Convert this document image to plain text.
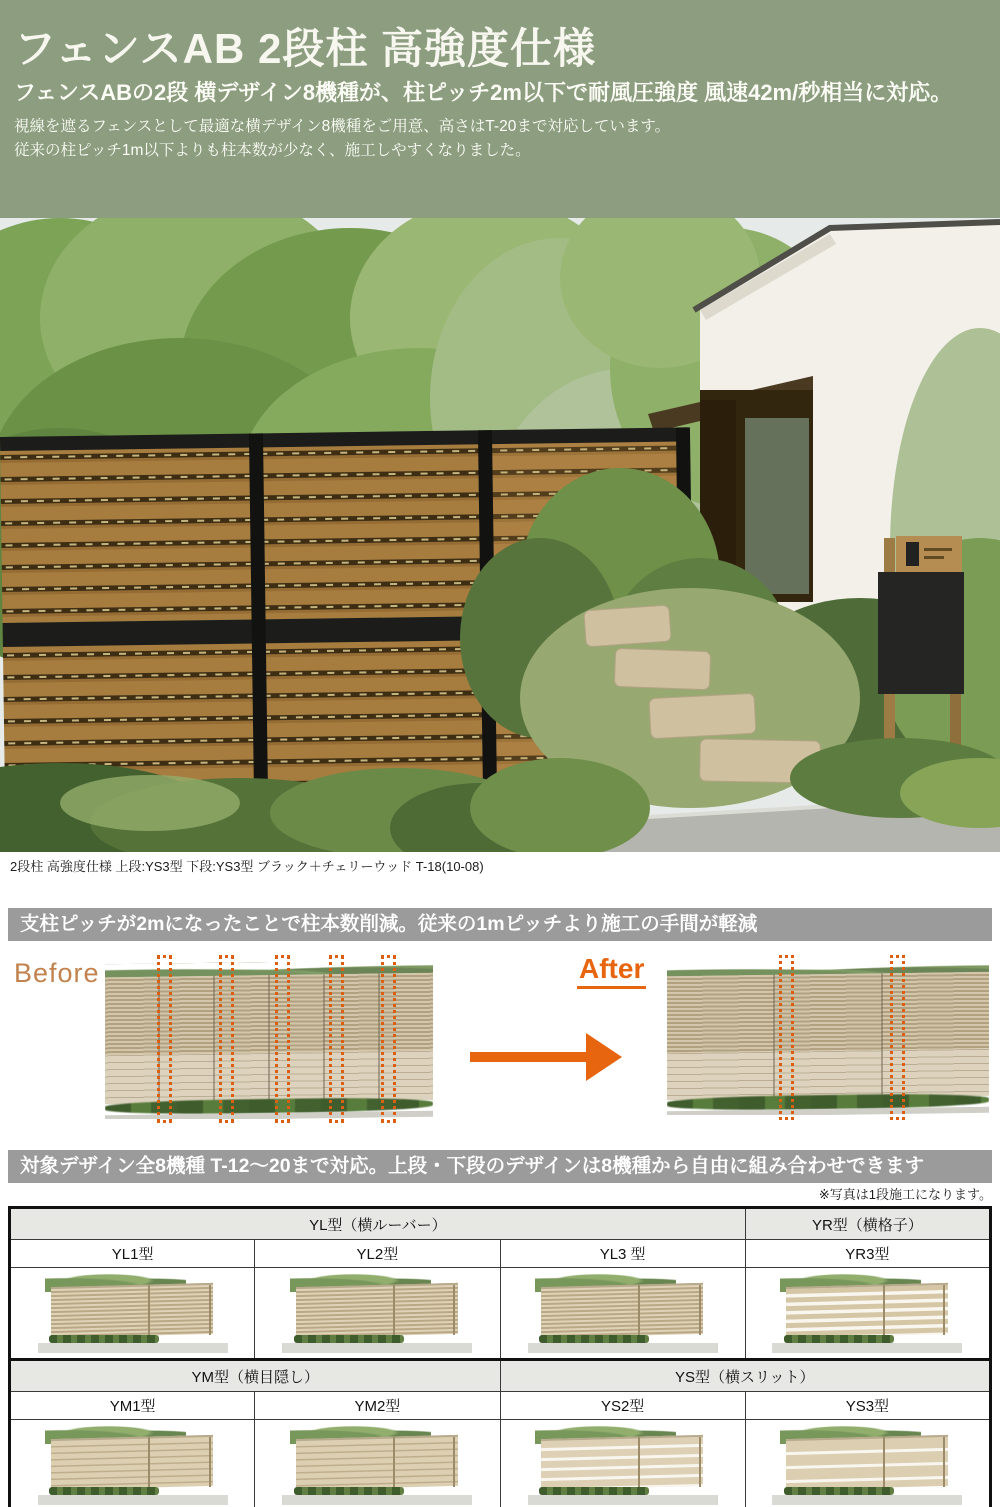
フェンスAB 2段柱 高強度仕様
フェンスABの2段 横デザイン8機種が、柱ピッチ2m以下で耐風圧強度 風速42m/秒相当に対応。
視線を遮るフェンスとして最適な横デザイン8機種をご用意、高さはT-20まで対応しています。
従来の柱ピッチ1m以下よりも柱本数が少なく、施工しやすくなりました。
2段柱 高強度仕様 上段:YS3型 下段:YS3型 ブラック＋チェリーウッド T-18(10-08)
支柱ピッチが2mになったことで柱本数削減。従来の1mピッチより施工の手間が軽減
Before	After
対象デザイン全8機種 T-12～20まで対応。上段・下段のデザインは8機種から自由に組み合わせできます
※写真は1段施工になります。
YL型（横ルーバー）			YR型（横格子）
YL1型	YL2型	YL3 型	YR3型

YM型（横目隠し）		YS型（横スリット）	
YM1型	YM2型	YS2型	YS3型
